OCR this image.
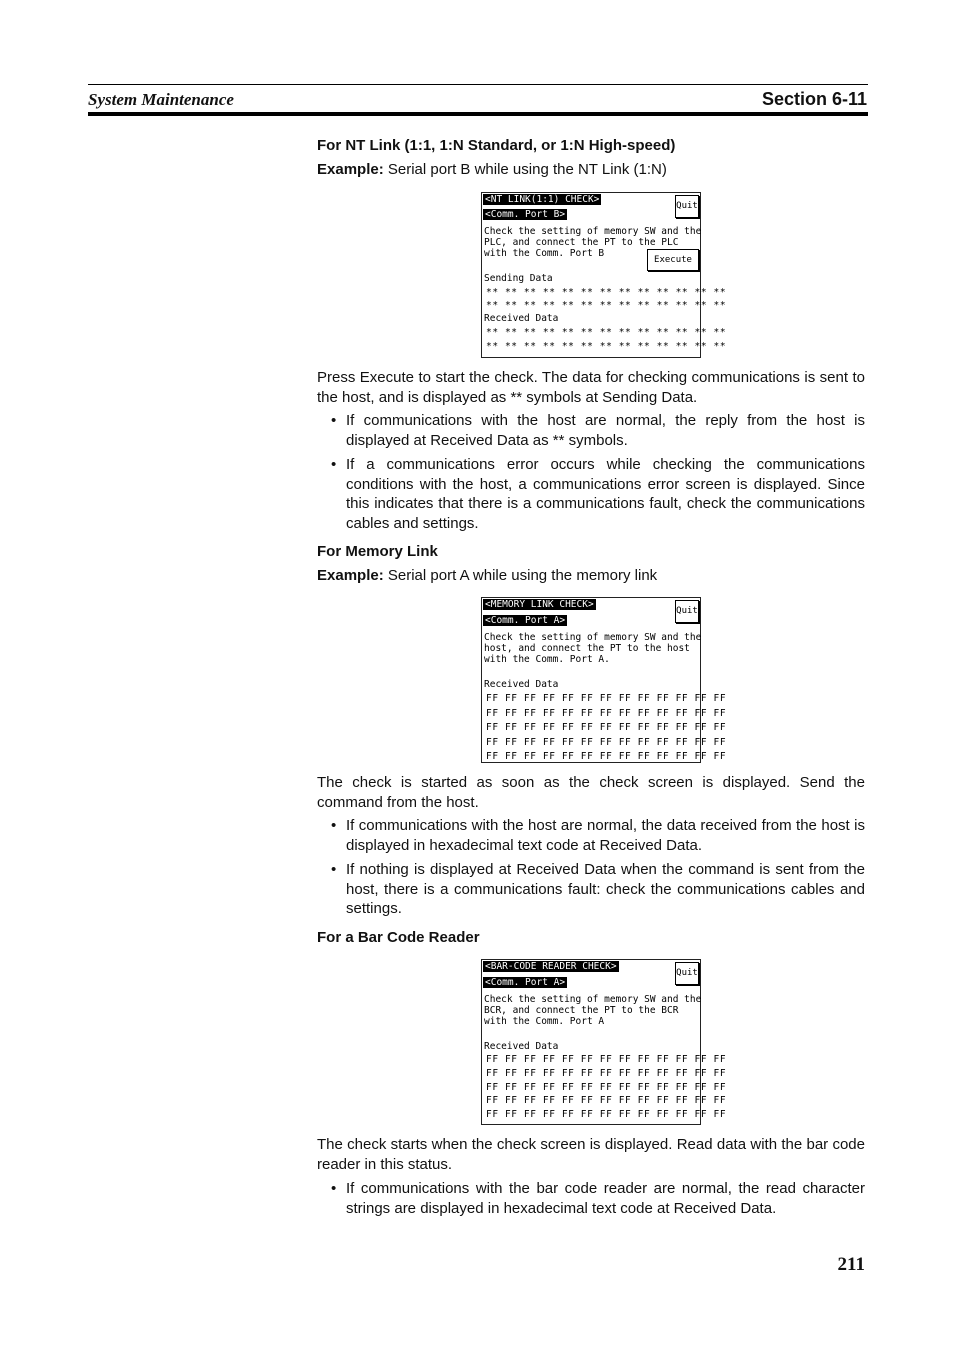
System Maintenance	Section 6-11
For NT Link (1:1, 1:N Standard, or 1:N High-speed)
Example: Serial port B while using the NT Link (1:N)
<NT LINK(1:1) CHECK>
Quit
<Comm. Port B>
Check the setting of memory SW and the
PLC, and connect the PT to the PLC
with the Comm. Port B
Execute
Sending Data
** ** ** ** ** ** ** ** ** ** ** ** **
** ** ** ** ** ** ** ** ** ** ** ** **
Received Data
** ** ** ** ** ** ** ** ** ** ** ** **
** ** ** ** ** ** ** ** ** ** ** ** **
Press Execute to start the check. The data for checking communications is sent to the host, and is displayed as ** symbols at Sending Data.
• If communications with the host are normal, the reply from the host is displayed at Received Data as ** symbols.
• If a communications error occurs while checking the communications conditions with the host, a communications error screen is displayed. Since this indicates that there is a communications fault, check the communications cables and settings.
For Memory Link
Example: Serial port A while using the memory link
<MEMORY LINK CHECK>
Quit
<Comm. Port A>
Check the setting of memory SW and the
host, and connect the PT to the host
with the Comm. Port A.
Received Data
FF FF FF FF FF FF FF FF FF FF FF FF FF
FF FF FF FF FF FF FF FF FF FF FF FF FF
FF FF FF FF FF FF FF FF FF FF FF FF FF
FF FF FF FF FF FF FF FF FF FF FF FF FF
FF FF FF FF FF FF FF FF FF FF FF FF FF
The check is started as soon as the check screen is displayed. Send the command from the host.
• If communications with the host are normal, the data received from the host is displayed in hexadecimal text code at Received Data.
• If nothing is displayed at Received Data when the command is sent from the host, there is a communications fault: check the communications cables and settings.
For a Bar Code Reader
<BAR-CODE READER CHECK>
Quit
<Comm. Port A>
Check the setting of memory SW and the
BCR, and connect the PT to the BCR
with the Comm. Port A
Received Data
FF FF FF FF FF FF FF FF FF FF FF FF FF
FF FF FF FF FF FF FF FF FF FF FF FF FF
FF FF FF FF FF FF FF FF FF FF FF FF FF
FF FF FF FF FF FF FF FF FF FF FF FF FF
FF FF FF FF FF FF FF FF FF FF FF FF FF
The check starts when the check screen is displayed. Read data with the bar code reader in this status.
• If communications with the bar code reader are normal, the read character strings are displayed in hexadecimal text code at Received Data.
211
